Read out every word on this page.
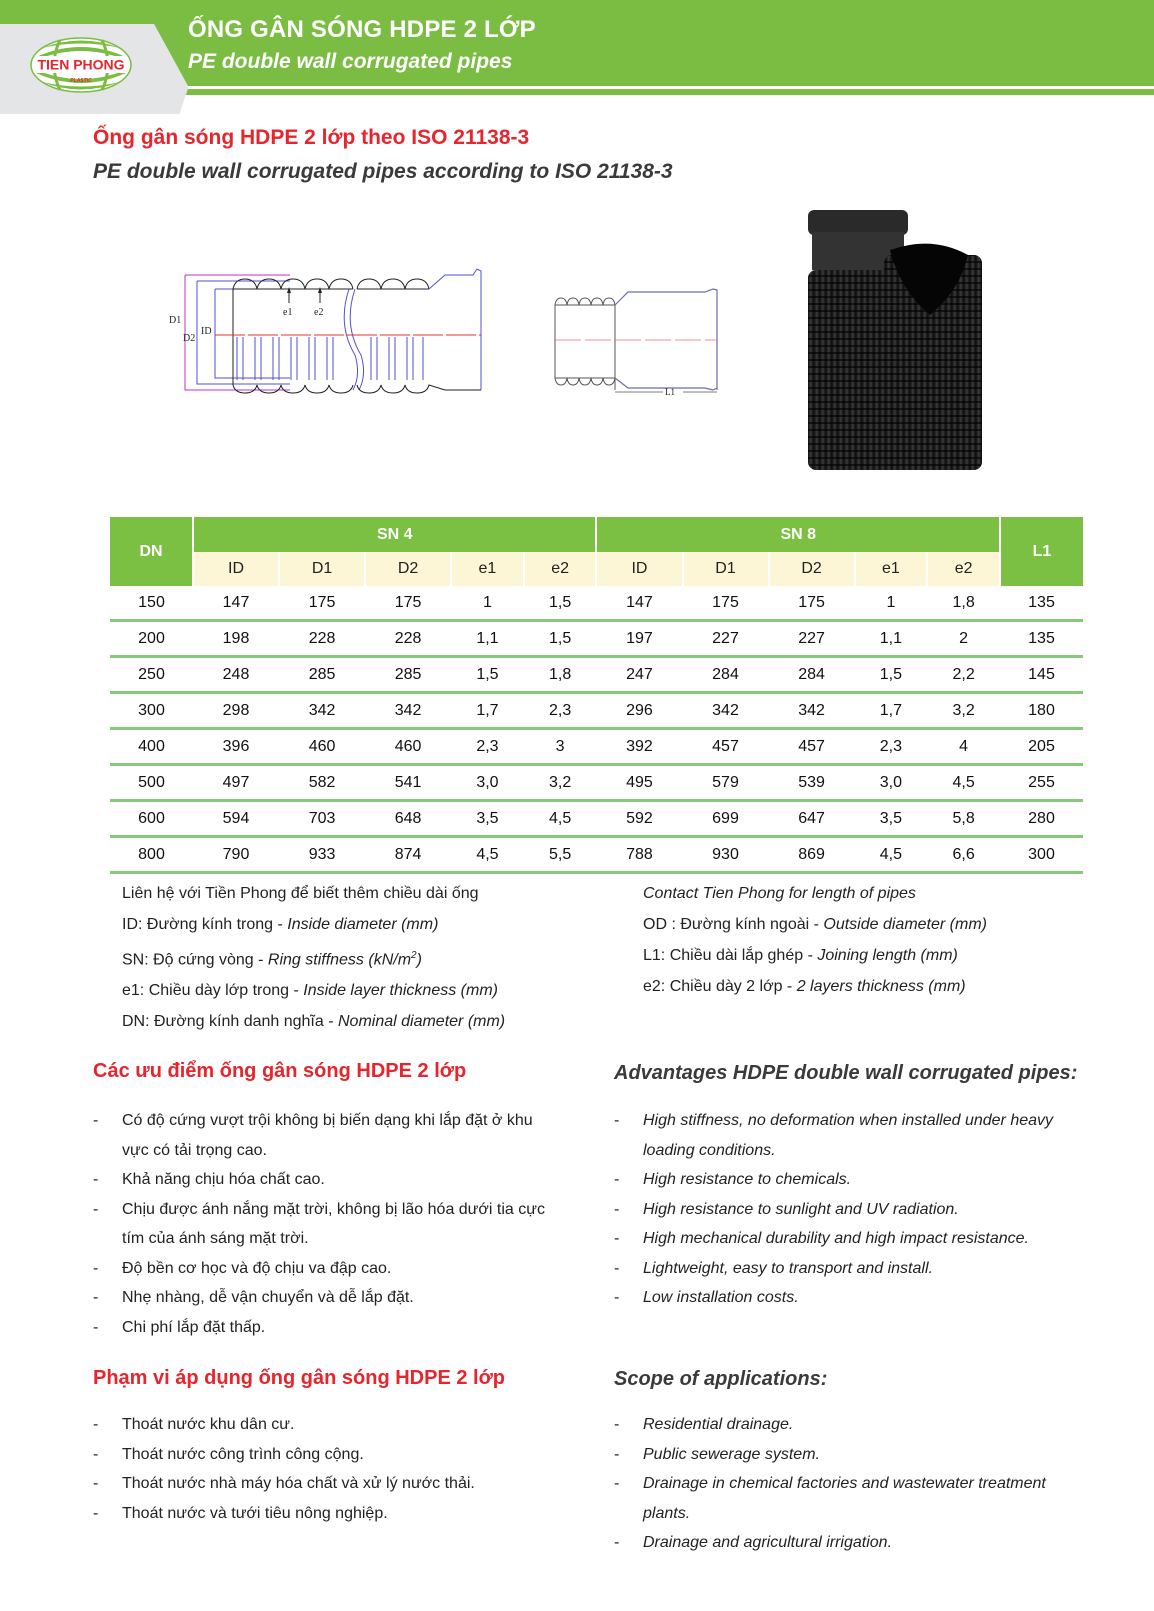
TIEN PHONG
PLASTIC
ỐNG GÂN SÓNG HDPE 2 LỚP
PE double wall corrugated pipes
Ống gân sóng HDPE 2 lớp theo ISO 21138-3
PE double wall corrugated pipes according to ISO 21138-3
e1 e2
D1
D2
ID
L1
DN	SN 4					SN 8					L1
	ID	D1	D2	e1	e2	ID	D1	D2	e1	e2	
150	147	175	175	1	1,5	147	175	175	1	1,8	135
200	198	228	228	1,1	1,5	197	227	227	1,1	2	135
250	248	285	285	1,5	1,8	247	284	284	1,5	2,2	145
300	298	342	342	1,7	2,3	296	342	342	1,7	3,2	180
400	396	460	460	2,3	3	392	457	457	2,3	4	205
500	497	582	541	3,0	3,2	495	579	539	3,0	4,5	255
600	594	703	648	3,5	4,5	592	699	647	3,5	5,8	280
800	790	933	874	4,5	5,5	788	930	869	4,5	6,6	300
Liên hệ với Tiền Phong để biết thêm chiều dài ống
ID: Đường kính trong - Inside diameter (mm)
SN: Độ cứng vòng - Ring stiffness $(kN/m^2)$
e1: Chiều dày lớp trong - Inside layer thickness (mm)
DN: Đường kính danh nghĩa - Nominal diameter (mm)
Contact Tien Phong for length of pipes
OD : Đường kính ngoài - Outside diameter (mm)
L1: Chiều dài lắp ghép - Joining length (mm)
e2: Chiều dày 2 lớp - 2 layers thickness (mm)
Các ưu điểm ống gân sóng HDPE 2 lớp	Advantages HDPE double wall corrugated pipes:
- Có độ cứng vượt trội không bị biến dạng khi lắp đặt ở khu vực có tải trọng cao.
- Khả năng chịu hóa chất cao.
- Chịu được ánh nắng mặt trời, không bị lão hóa dưới tia cực tím của ánh sáng mặt trời.
- Độ bền cơ học và độ chịu va đập cao.
- Nhẹ nhàng, dễ vận chuyển và dễ lắp đặt.
- Chi phí lắp đặt thấp.
- High stiffness, no deformation when installed under heavy loading conditions.
- High resistance to chemicals.
- High resistance to sunlight and UV radiation.
- High mechanical durability and high impact resistance.
- Lightweight, easy to transport and install.
- Low installation costs.
Phạm vi áp dụng ống gân sóng HDPE 2 lớp	Scope of applications:
- Thoát nước khu dân cư.
- Thoát nước công trình công cộng.
- Thoát nước nhà máy hóa chất và xử lý nước thải.
- Thoát nước và tưới tiêu nông nghiệp.
- Residential drainage.
- Public sewerage system.
- Drainage in chemical factories and wastewater treatment plants.
- Drainage and agricultural irrigation.
